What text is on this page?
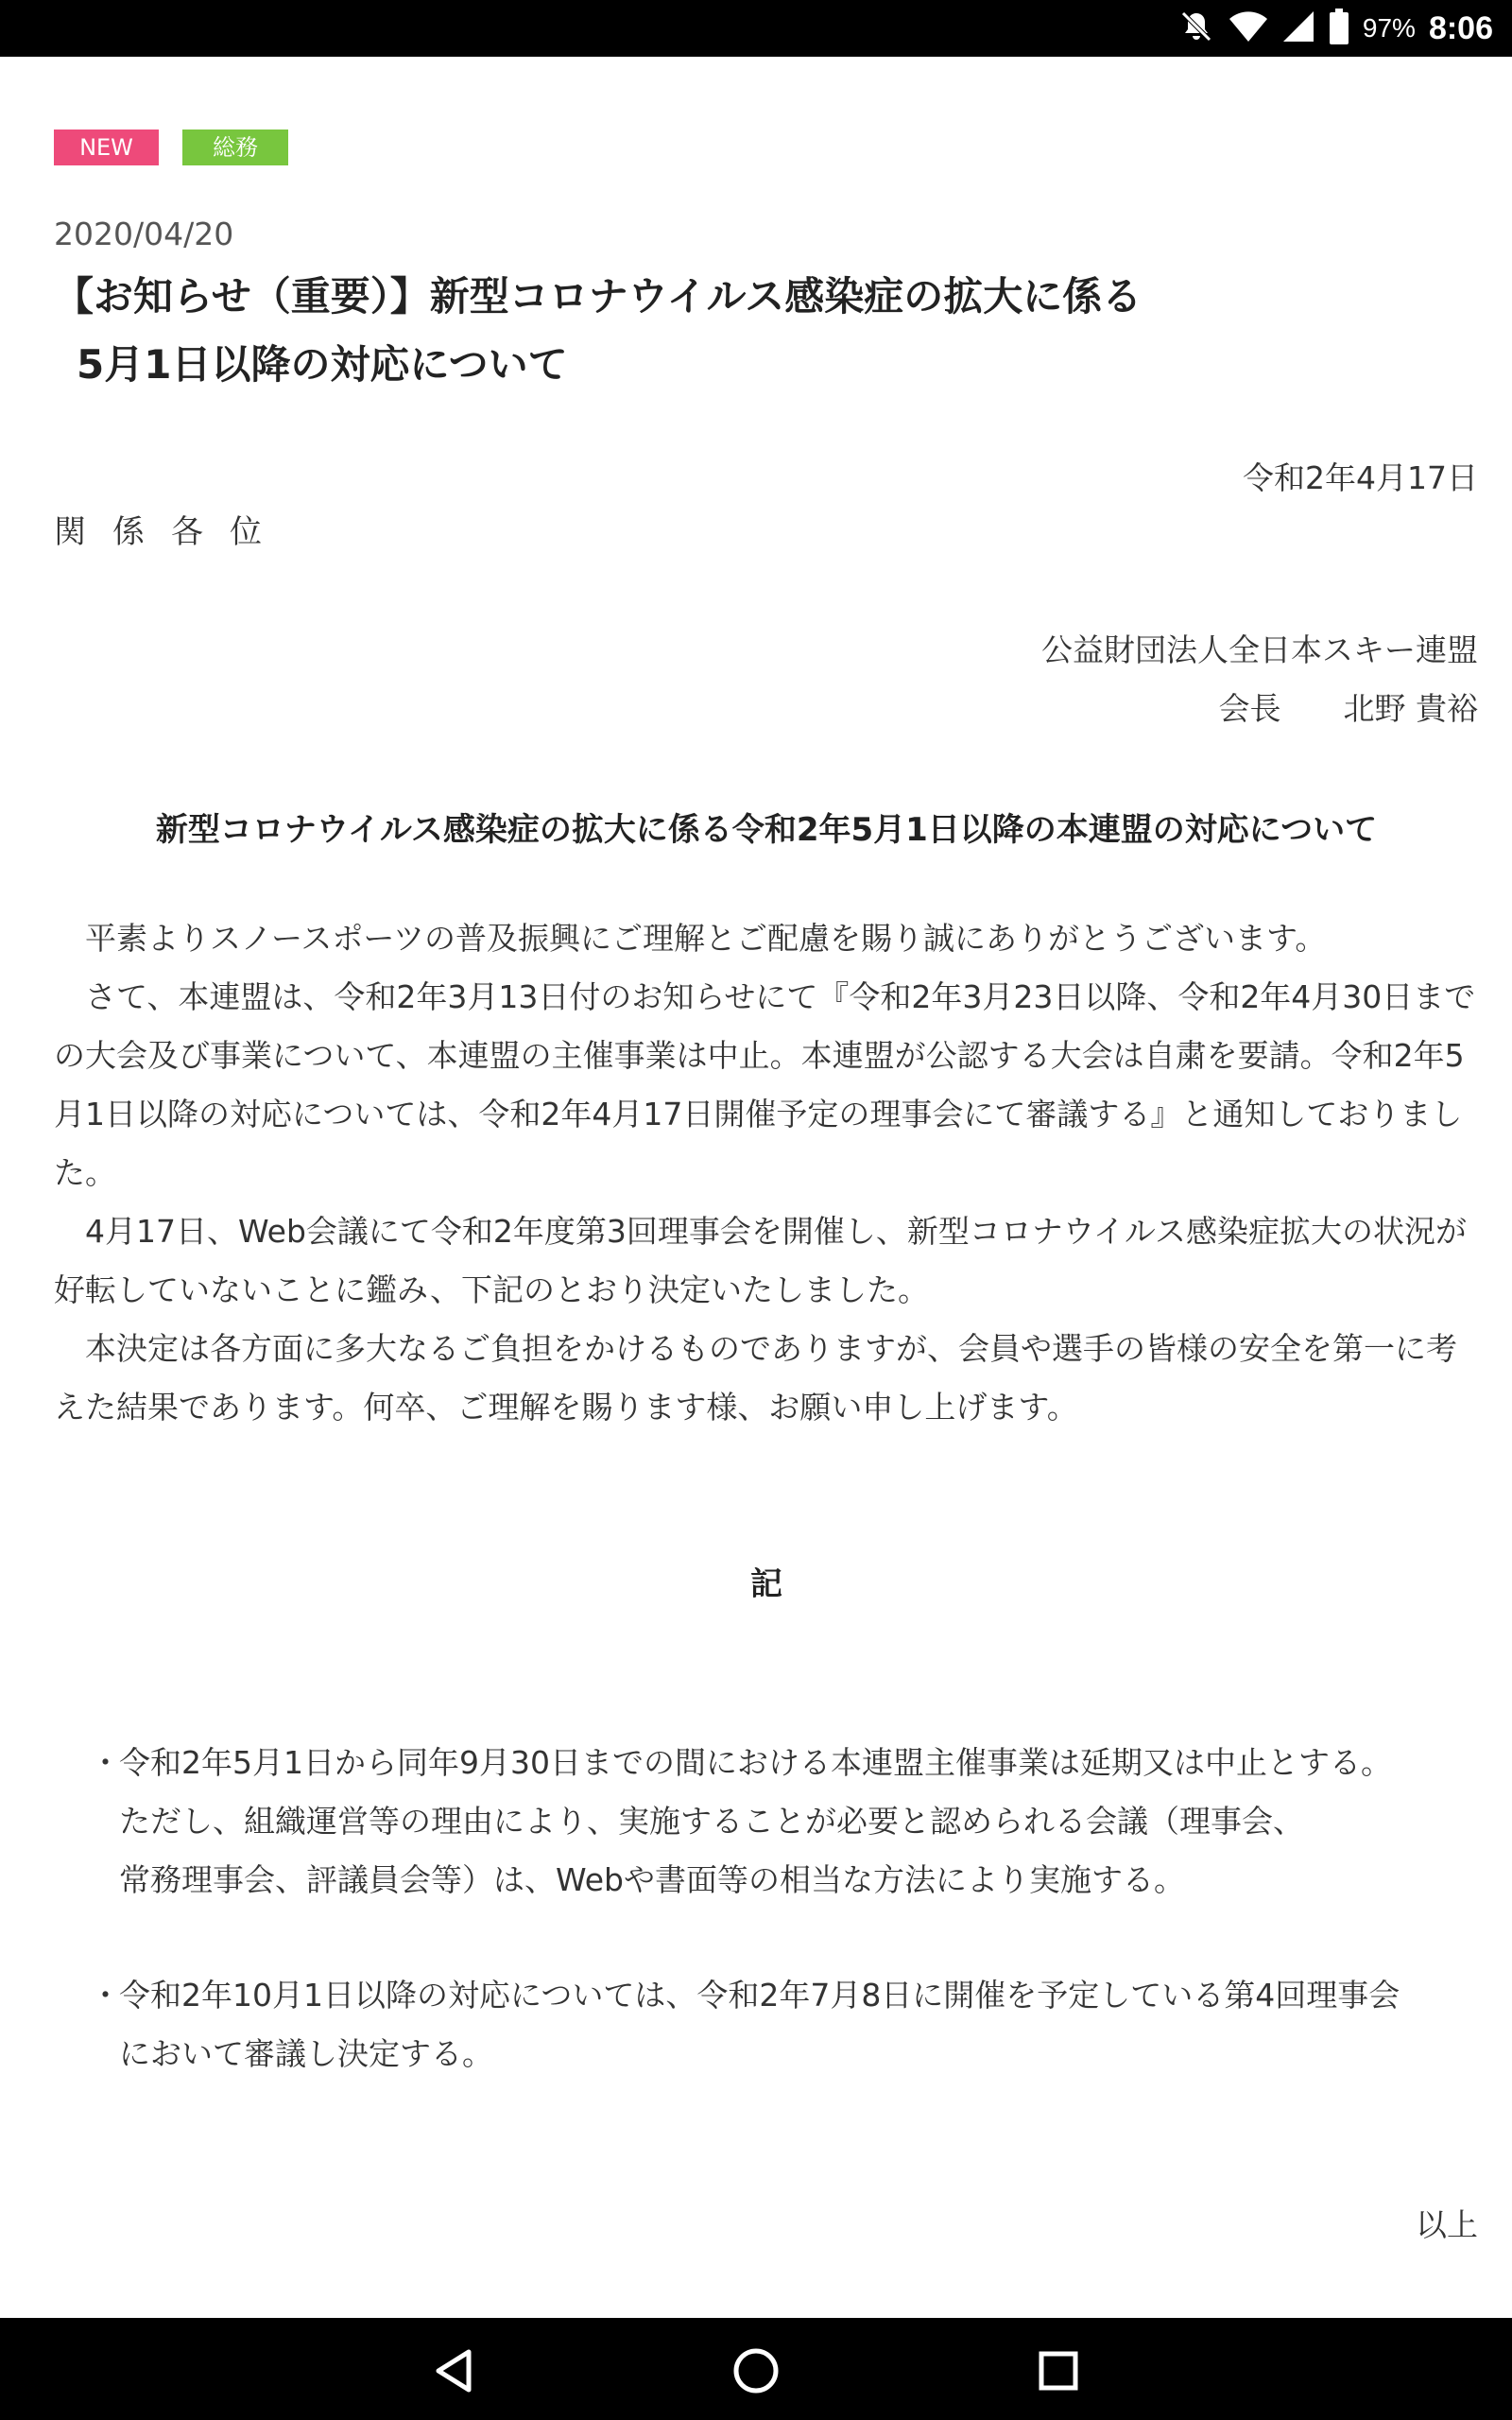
97% 8:06
NEW	総務
2020/04/20
【お知らせ（重要）】新型コロナウイルス感染症の拡大に係る
5月1日以降の対応について
令和2年4月17日
関係各位
公益財団法人全日本スキー連盟
会長　　北野 貴裕
新型コロナウイルス感染症の拡大に係る令和2年5月1日以降の本連盟の対応について

平素よりスノースポーツの普及振興にご理解とご配慮を賜り誠にありがとうございます。

さて、本連盟は、令和2年3月13日付のお知らせにて『令和2年3月23日以降、令和2年4月30日までの大会及び事業について、本連盟の主催事業は中止。本連盟が公認する大会は自粛を要請。令和2年5月1日以降の対応については、令和2年4月17日開催予定の理事会にて審議する』と通知しておりました。

4月17日、Web会議にて令和2年度第3回理事会を開催し、新型コロナウイルス感染症拡大の状況が好転していないことに鑑み、下記のとおり決定いたしました。

本決定は各方面に多大なるご負担をかけるものでありますが、会員や選手の皆様の安全を第一に考えた結果であります。何卒、ご理解を賜ります様、お願い申し上げます。

記
・
令和2年5月1日から同年9月30日までの間における本連盟主催事業は延期又は中止とする。
ただし、組織運営等の理由により、実施することが必要と認められる会議（理事会、
常務理事会、評議員会等）は、Webや書面等の相当な方法により実施する。
・
令和2年10月1日以降の対応については、令和2年7月8日に開催を予定している第4回理事会
において審議し決定する。
以上
